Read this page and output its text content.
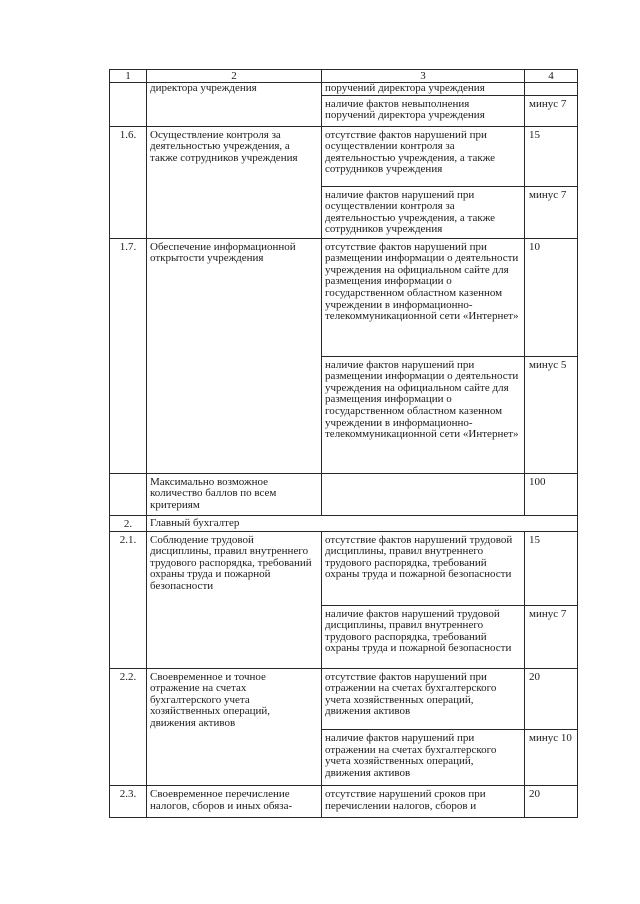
1	2	3	4
	директора учреждения	поручений директора учреждения	
		наличие фактов невыполнения поручений директора учреждения	минус 7
1.6.	Осуществление контроля за деятельностью учреждения, а также сотрудников учреждения	отсутствие фактов нарушений при осуществлении контроля за деятельностью учреждения, а также сотрудников учреждения	15
		наличие фактов нарушений при осуществлении контроля за деятельностью учреждения, а также сотрудников учреждения	минус 7
1.7.	Обеспечение информационной открытости учреждения	отсутствие фактов нарушений при размещении информации о деятельности учреждения на официальном сайте для размещения информации о государственном областном казенном учреждении в информационно-телекоммуникационной сети «Интернет»	10
		наличие фактов нарушений при размещении информации о деятельности учреждения на официальном сайте для размещения информации о государственном областном казенном учреждении в информационно-телекоммуникационной сети «Интернет»	минус 5
	Максимально возможное количество баллов по всем критериям		100
2.	Главный бухгалтер		
2.1.	Соблюдение трудовой дисциплины, правил внутреннего трудового распорядка, требований охраны труда и пожарной безопасности	отсутствие фактов нарушений трудовой дисциплины, правил внутреннего трудового распорядка, требований охраны труда и пожарной безопасности	15
		наличие фактов нарушений трудовой дисциплины, правил внутреннего трудового распорядка, требований охраны труда и пожарной безопасности	минус 7
2.2.	Своевременное и точное отражение на счетах бухгалтерского учета хозяйственных операций, движения активов	отсутствие фактов нарушений при отражении на счетах бухгалтерского учета хозяйственных операций, движения активов	20
		наличие фактов нарушений при отражении на счетах бухгалтерского учета хозяйственных операций, движения активов	минус 10
2.3.	Своевременное перечисление налогов, сборов и иных обяза-	отсутствие нарушений сроков при перечислении налогов, сборов и	20
